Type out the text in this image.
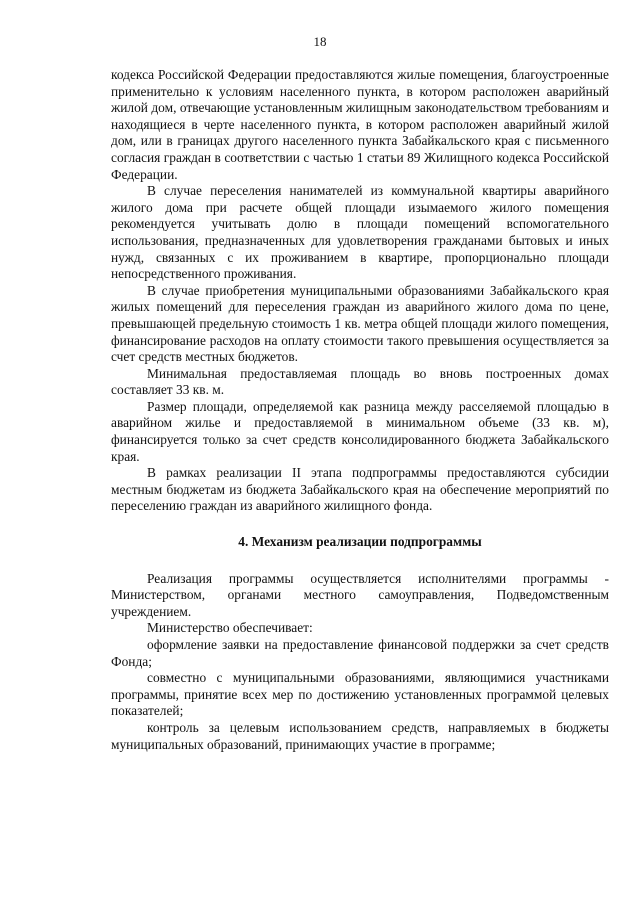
18

кодекса Российской Федерации предоставляются жилые помещения, благоустроенные применительно к условиям населенного пункта, в котором расположен аварийный жилой дом, отвечающие установленным жилищным законодательством требованиям и находящиеся в черте населенного пункта, в котором расположен аварийный жилой дом, или в границах другого населенного пункта Забайкальского края с письменного согласия граждан в соответствии с частью 1 статьи 89 Жилищного кодекса Российской Федерации.

В случае переселения нанимателей из коммунальной квартиры аварийного жилого дома при расчете общей площади изымаемого жилого помещения рекомендуется учитывать долю в площади помещений вспомогательного использования, предназначенных для удовлетворения гражданами бытовых и иных нужд, связанных с их проживанием в квартире, пропорционально площади непосредственного проживания.

В случае приобретения муниципальными образованиями Забайкальского края жилых помещений для переселения граждан из аварийного жилого дома по цене, превышающей предельную стоимость 1 кв. метра общей площади жилого помещения, финансирование расходов на оплату стоимости такого превышения осуществляется за счет средств местных бюджетов.

Минимальная предоставляемая площадь во вновь построенных домах составляет 33 кв. м.

Размер площади, определяемой как разница между расселяемой площадью в аварийном жилье и предоставляемой в минимальном объеме (33 кв. м), финансируется только за счет средств консолидированного бюджета Забайкальского края.

В рамках реализации II этапа подпрограммы предоставляются субсидии местным бюджетам из бюджета Забайкальского края на обеспечение мероприятий по переселению граждан из аварийного жилищного фонда.

4. Механизм реализации подпрограммы

Реализация программы осуществляется исполнителями программы - Министерством, органами местного самоуправления, Подведомственным учреждением.

Министерство обеспечивает:

оформление заявки на предоставление финансовой поддержки за счет средств Фонда;

совместно с муниципальными образованиями, являющимися участниками программы, принятие всех мер по достижению установленных программой целевых показателей;

контроль за целевым использованием средств, направляемых в бюджеты муниципальных образований, принимающих участие в программе;
